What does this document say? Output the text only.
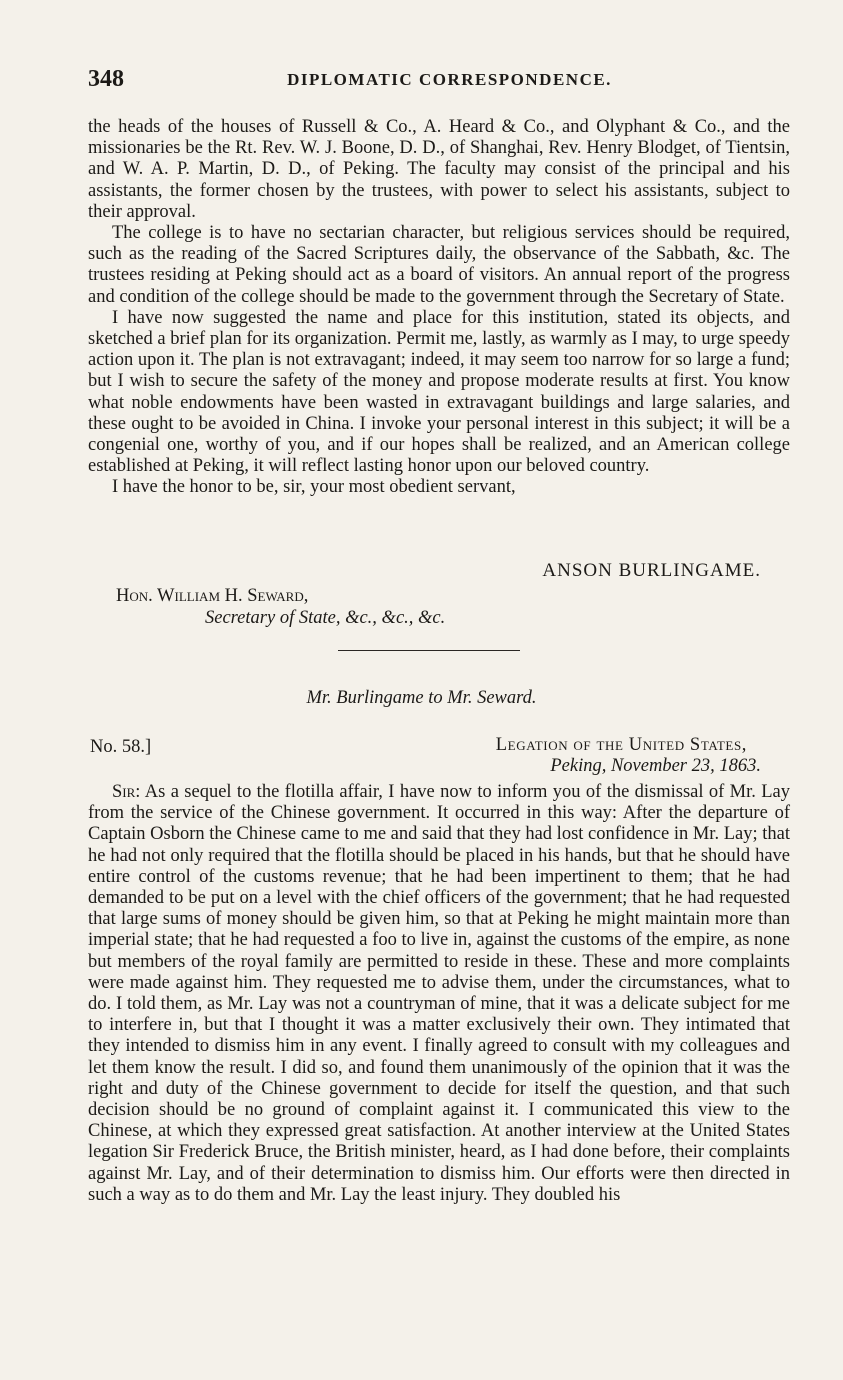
348	DIPLOMATIC CORRESPONDENCE.

the heads of the houses of Russell & Co., A. Heard & Co., and Olyphant & Co., and the missionaries be the Rt. Rev. W. J. Boone, D. D., of Shanghai, Rev. Henry Blodget, of Tientsin, and W. A. P. Martin, D. D., of Peking. The faculty may consist of the principal and his assistants, the former chosen by the trustees, with power to select his assistants, subject to their approval.

The college is to have no sectarian character, but religious services should be required, such as the reading of the Sacred Scriptures daily, the observance of the Sabbath, &c. The trustees residing at Peking should act as a board of visitors. An annual report of the progress and condition of the college should be made to the government through the Secretary of State.

I have now suggested the name and place for this institution, stated its objects, and sketched a brief plan for its organization. Permit me, lastly, as warmly as I may, to urge speedy action upon it. The plan is not extravagant; indeed, it may seem too narrow for so large a fund; but I wish to secure the safety of the money and propose moderate results at first. You know what noble endowments have been wasted in extravagant buildings and large salaries, and these ought to be avoided in China. I invoke your personal interest in this subject; it will be a congenial one, worthy of you, and if our hopes shall be realized, and an American college established at Peking, it will reflect lasting honor upon our beloved country.

I have the honor to be, sir, your most obedient servant,

ANSON BURLINGAME.
Hon. William H. Seward,
Secretary of State, &c., &c., &c.
Mr. Burlingame to Mr. Seward.
No. 58.]	Legation of the United States,
Peking, November 23, 1863.

Sir: As a sequel to the flotilla affair, I have now to inform you of the dismissal of Mr. Lay from the service of the Chinese government. It occurred in this way: After the departure of Captain Osborn the Chinese came to me and said that they had lost confidence in Mr. Lay; that he had not only required that the flotilla should be placed in his hands, but that he should have entire control of the customs revenue; that he had been impertinent to them; that he had demanded to be put on a level with the chief officers of the government; that he had requested that large sums of money should be given him, so that at Peking he might maintain more than imperial state; that he had requested a foo to live in, against the customs of the empire, as none but members of the royal family are permitted to reside in these. These and more complaints were made against him. They requested me to advise them, under the circumstances, what to do. I told them, as Mr. Lay was not a countryman of mine, that it was a delicate subject for me to interfere in, but that I thought it was a matter exclusively their own. They intimated that they intended to dismiss him in any event. I finally agreed to consult with my colleagues and let them know the result. I did so, and found them unanimously of the opinion that it was the right and duty of the Chinese government to decide for itself the question, and that such decision should be no ground of complaint against it. I communicated this view to the Chinese, at which they expressed great satisfaction. At another interview at the United States legation Sir Frederick Bruce, the British minister, heard, as I had done before, their complaints against Mr. Lay, and of their determination to dismiss him. Our efforts were then directed in such a way as to do them and Mr. Lay the least injury. They doubled his
